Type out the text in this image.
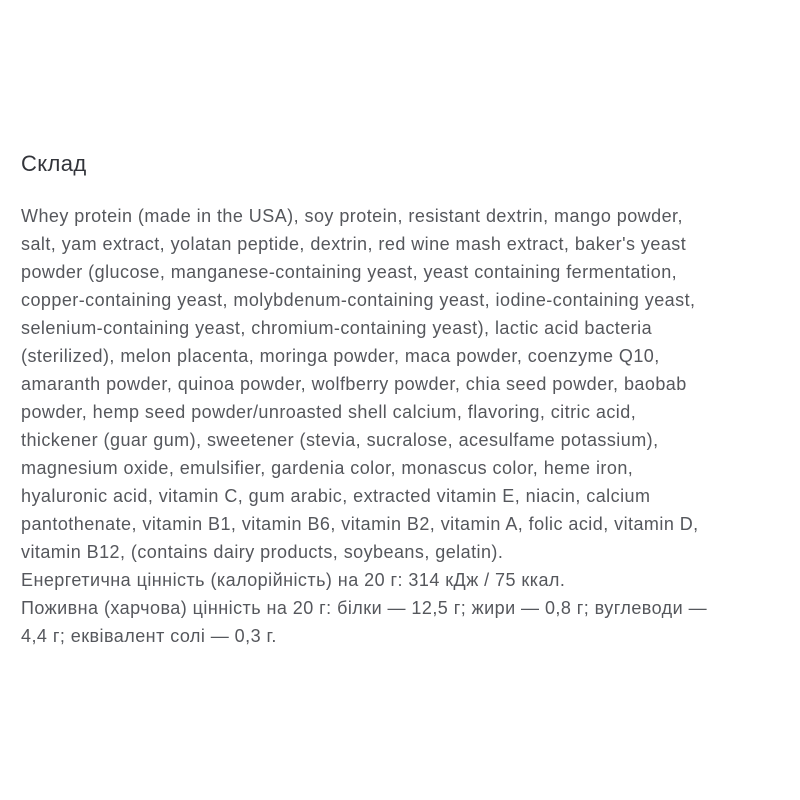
Склад
Whey protein (made in the USA), soy protein, resistant dextrin, mango powder,
salt, yam extract, yolatan peptide, dextrin, red wine mash extract, baker's yeast
powder (glucose, manganese-containing yeast, yeast containing fermentation,
copper-containing yeast, molybdenum-containing yeast, iodine-containing yeast,
selenium-containing yeast, chromium-containing yeast), lactic acid bacteria
(sterilized), melon placenta, moringa powder, maca powder, coenzyme Q10,
amaranth powder, quinoa powder, wolfberry powder, chia seed powder, baobab
powder, hemp seed powder/unroasted shell calcium, flavoring, citric acid,
thickener (guar gum), sweetener (stevia, sucralose, acesulfame potassium),
magnesium oxide, emulsifier, gardenia color, monascus color, heme iron,
hyaluronic acid, vitamin C, gum arabic, extracted vitamin E, niacin, calcium
pantothenate, vitamin B1, vitamin B6, vitamin B2, vitamin A, folic acid, vitamin D,
vitamin B12, (contains dairy products, soybeans, gelatin).
Енергетична цінність (калорійність) на 20 г: 314 кДж / 75 ккал.
Поживна (харчова) цінність на 20 г: білки — 12,5 г; жири — 0,8 г; вуглеводи —
4,4 г; еквівалент солі — 0,3 г.
